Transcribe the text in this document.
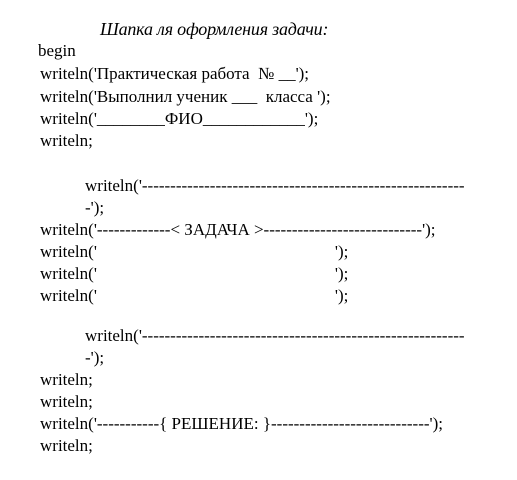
Шапка ля оформления задачи:
begin
writeln('Практическая работа  № __');
writeln('Выполнил ученик ___  класса ');
writeln('________ФИО____________');
writeln;
writeln('---------------------------------------------------------
-');
writeln('-------------< ЗАДАЧА >----------------------------');
writeln('                                                        ');
writeln('                                                        ');
writeln('                                                        ');
writeln('---------------------------------------------------------
-');
writeln;
writeln;
writeln('-----------{ РЕШЕНИЕ: }----------------------------');
writeln;
